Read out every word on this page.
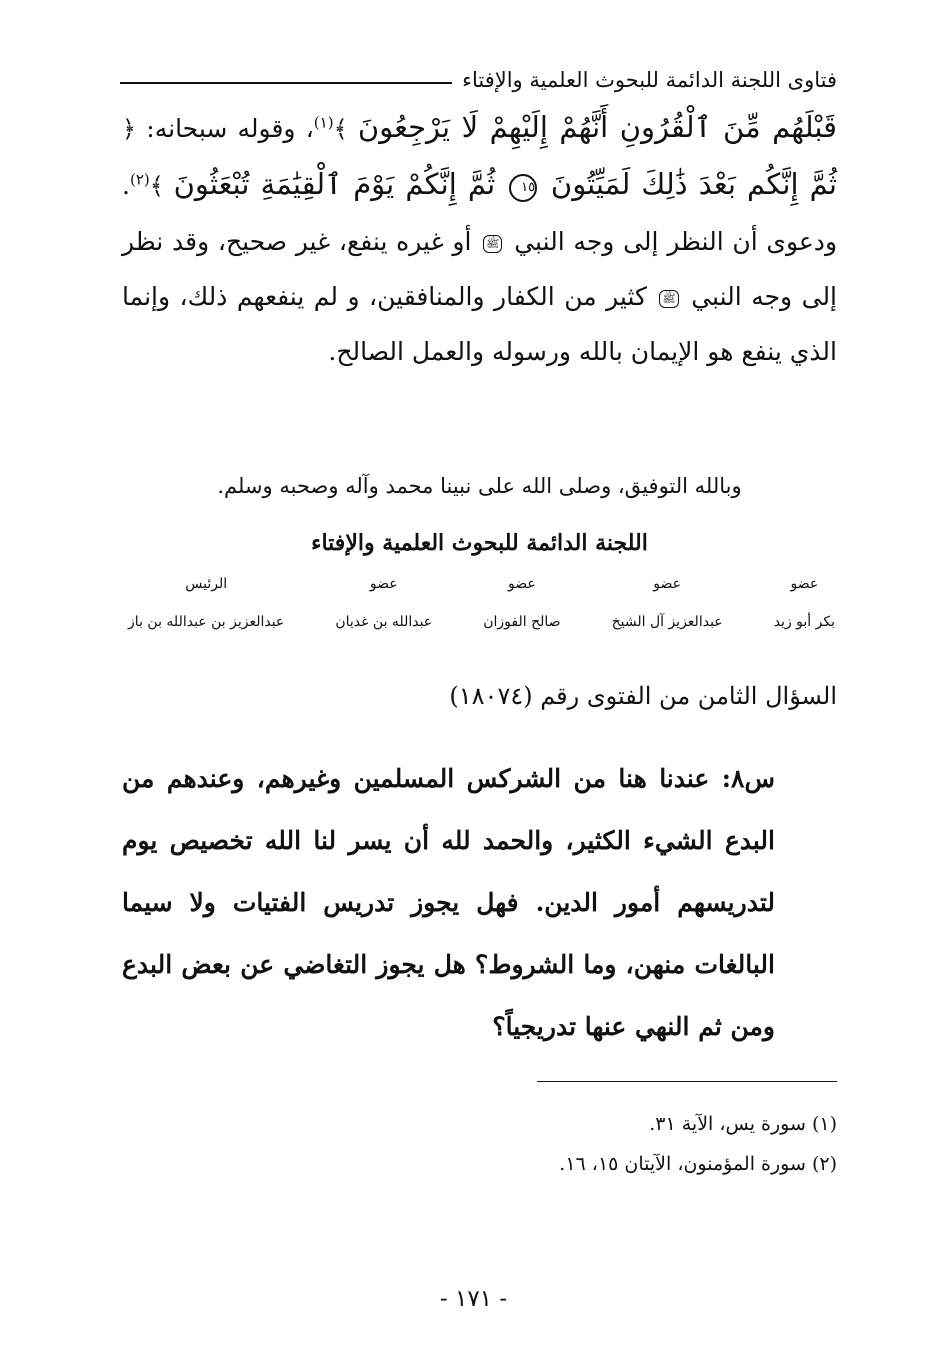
فتاوى اللجنة الدائمة للبحوث العلمية والإفتاء
قَبْلَهُم مِّنَ ٱلْقُرُونِ أَنَّهُمْ إِلَيْهِمْ لَا يَرْجِعُونَ ﴾$^{(١)}$، وقوله سبحانه: ﴿ ثُمَّ إِنَّكُم بَعْدَ ذَٰلِكَ لَمَيِّتُونَ ١٥ ثُمَّ إِنَّكُمْ يَوْمَ ٱلْقِيَٰمَةِ تُبْعَثُونَ ﴾$^{(٢)}$. ودعوى أن النظر إلى وجه النبي ﷺ أو غيره ينفع، غير صحيح، وقد نظر إلى وجه النبي ﷺ كثير من الكفار والمنافقين، و لم ينفعهم ذلك، وإنما الذي ينفع هو الإيمان بالله ورسوله والعمل الصالح.
وبالله التوفيق، وصلى الله على نبينا محمد وآله وصحبه وسلم.
اللجنة الدائمة للبحوث العلمية والإفتاء
عضو
بكر أبو زيد
عضو
عبدالعزيز آل الشيخ
عضو
صالح الفوزان
عضو
عبدالله بن غديان
الرئيس
عبدالعزيز بن عبدالله بن باز
السؤال الثامن من الفتوى رقم (١٨٠٧٤)
س٨: عندنا هنا من الشركس المسلمين وغيرهم، وعندهم من البدع الشيء الكثير، والحمد لله أن يسر لنا الله تخصيص يوم لتدريسهم أمور الدين. فهل يجوز تدريس الفتيات ولا سيما البالغات منهن، وما الشروط؟ هل يجوز التغاضي عن بعض البدع ومن ثم النهي عنها تدريجياً؟
(١) سورة يس، الآية ٣١.
(٢) سورة المؤمنون، الآيتان ١٥، ١٦.
- ١٧١ -
